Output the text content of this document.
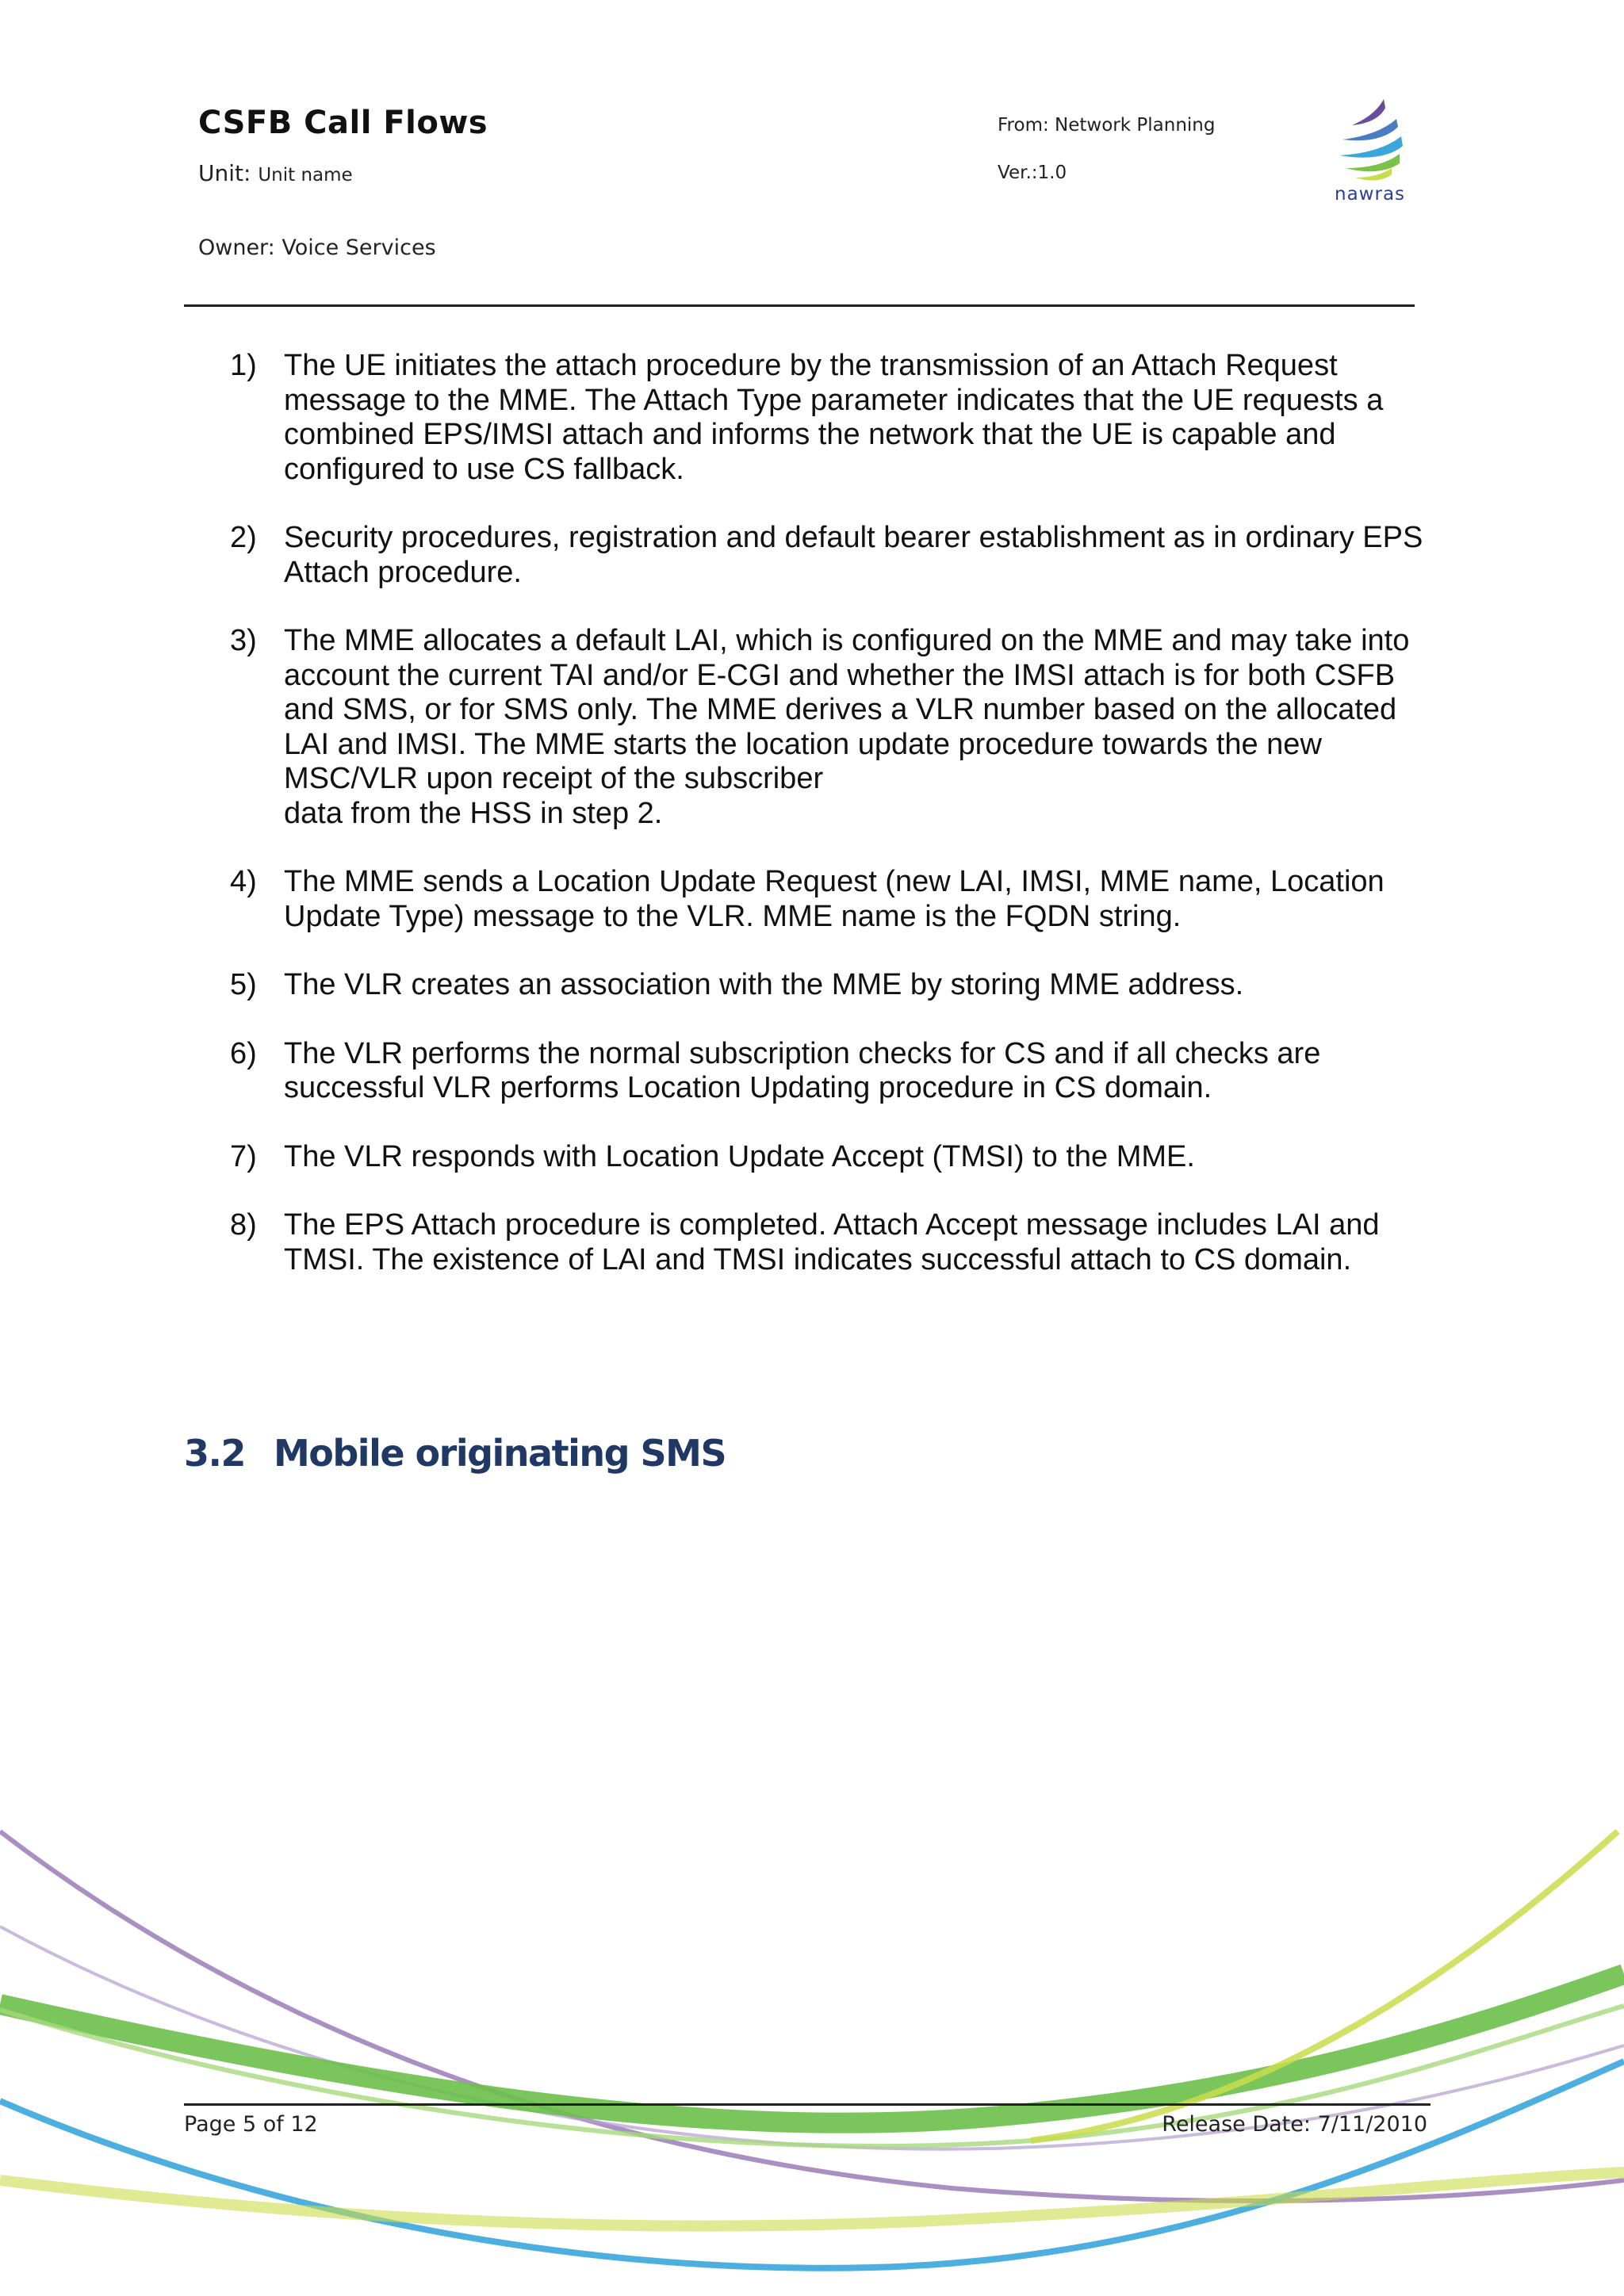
CSFB Call Flows
Unit: Unit name
Owner: Voice Services
From: Network Planning
Ver.:1.0
nawras
1) The UE initiates the attach procedure by the transmission of an Attach Request
message to the MME. The Attach Type parameter indicates that the UE requests a
combined EPS/IMSI attach and informs the network that the UE is capable and
configured to use CS fallback.
2) Security procedures, registration and default bearer establishment as in ordinary EPS
Attach procedure.
3) The MME allocates a default LAI, which is configured on the MME and may take into
account the current TAI and/or E-CGI and whether the IMSI attach is for both CSFB
and SMS, or for SMS only. The MME derives a VLR number based on the allocated
LAI and IMSI. The MME starts the location update procedure towards the new
MSC/VLR upon receipt of the subscriber
data from the HSS in step 2.
4) The MME sends a Location Update Request (new LAI, IMSI, MME name, Location
Update Type) message to the VLR. MME name is the FQDN string.
5) The VLR creates an association with the MME by storing MME address.
6) The VLR performs the normal subscription checks for CS and if all checks are
successful VLR performs Location Updating procedure in CS domain.
7) The VLR responds with Location Update Accept (TMSI) to the MME.
8) The EPS Attach procedure is completed. Attach Accept message includes LAI and
TMSI. The existence of LAI and TMSI indicates successful attach to CS domain.
3.2 Mobile originating SMS
Page 5 of 12	Release Date: 7/11/2010
